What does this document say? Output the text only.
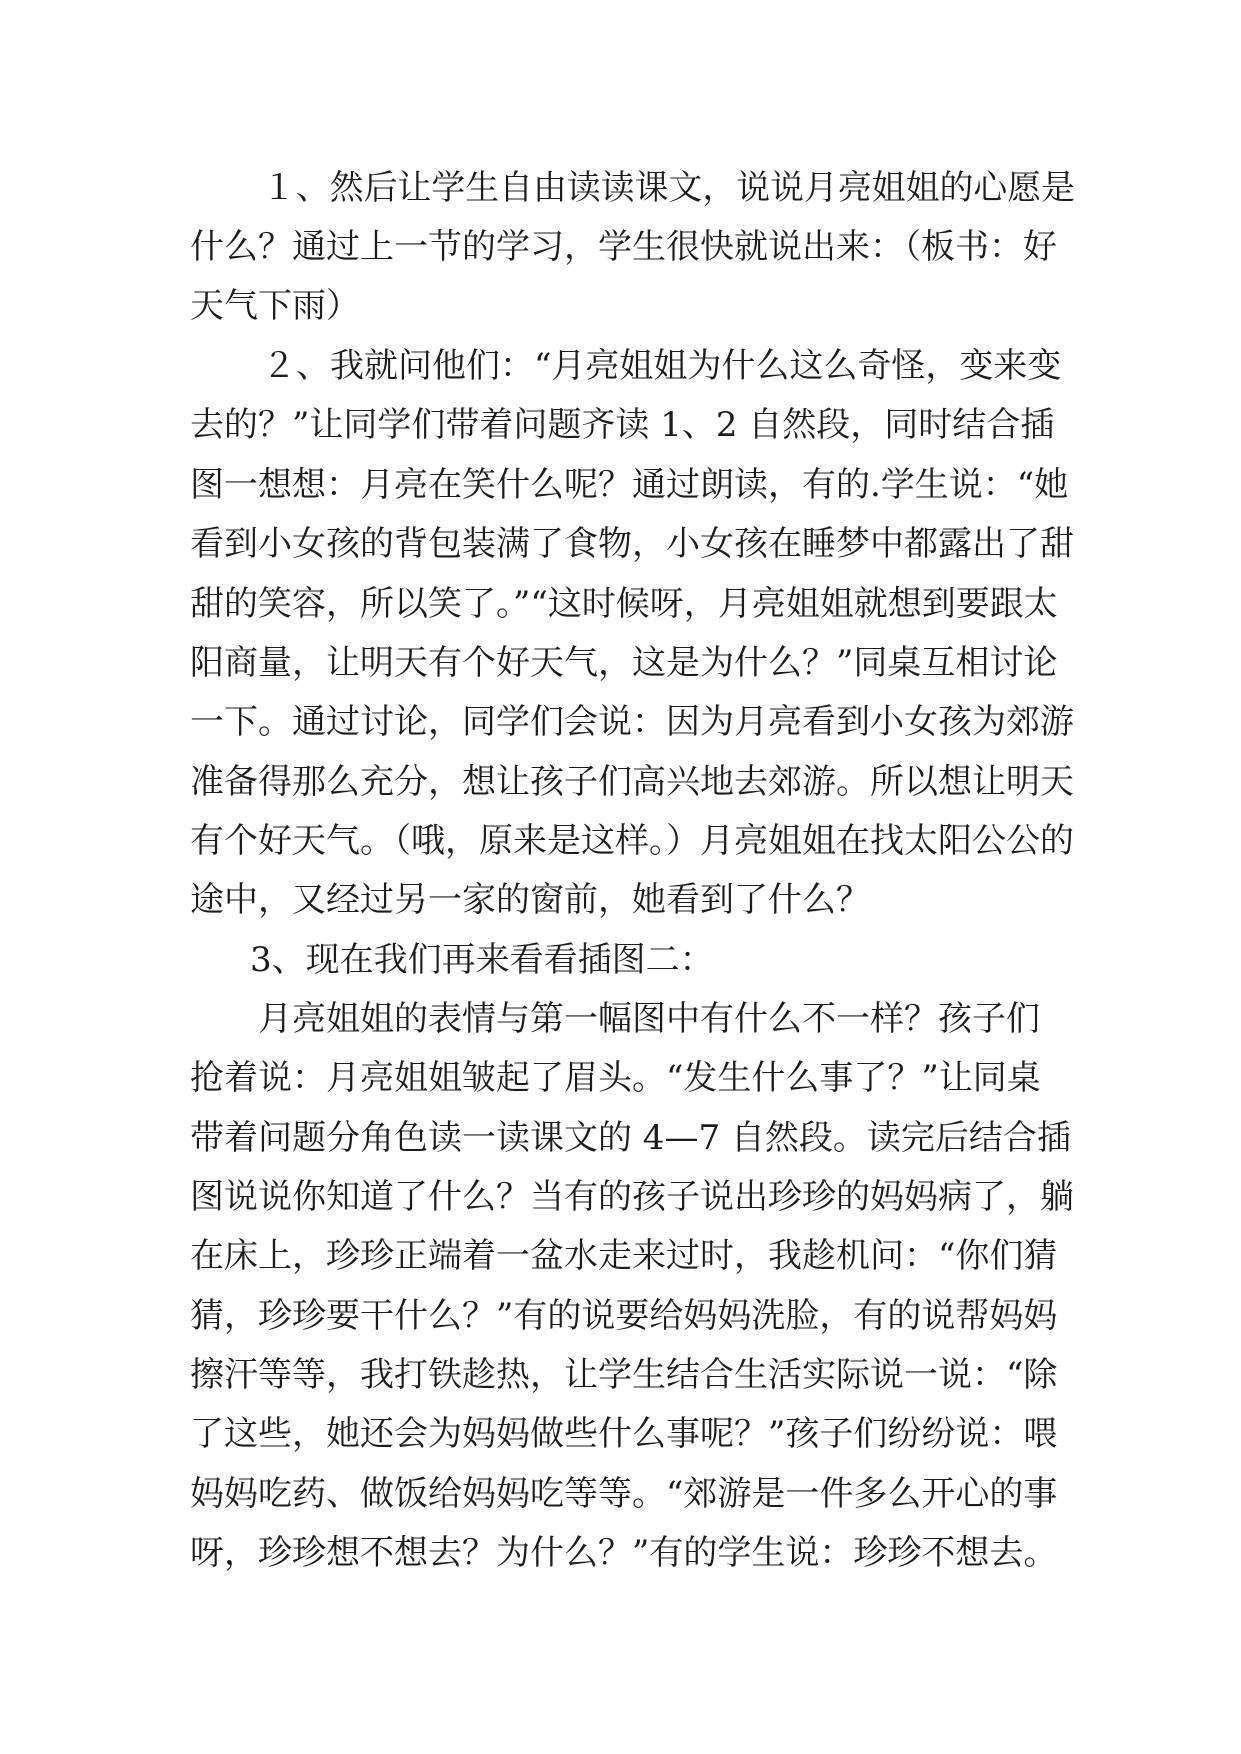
１、然后让学生自由读读课文，说说月亮姐姐的心愿是

什么？通过上一节的学习，学生很快就说出来：（板书：好

天气下雨）

２、我就问他们：“月亮姐姐为什么这么奇怪，变来变

去的？”让同学们带着问题齐读 1、2 自然段，同时结合插

图一想想：月亮在笑什么呢？通过朗读，有的.学生说：“她

看到小女孩的背包装满了食物，小女孩在睡梦中都露出了甜

甜的笑容，所以笑了。”“这时候呀，月亮姐姐就想到要跟太

阳商量，让明天有个好天气，这是为什么？”同桌互相讨论

一下。通过讨论，同学们会说：因为月亮看到小女孩为郊游

准备得那么充分，想让孩子们高兴地去郊游。所以想让明天

有个好天气。（哦，原来是这样。）月亮姐姐在找太阳公公的

途中，又经过另一家的窗前，她看到了什么？

3、现在我们再来看看插图二：

月亮姐姐的表情与第一幅图中有什么不一样？孩子们

抢着说：月亮姐姐皱起了眉头。“发生什么事了？”让同桌

带着问题分角色读一读课文的 4—7 自然段。读完后结合插

图说说你知道了什么？当有的孩子说出珍珍的妈妈病了，躺

在床上，珍珍正端着一盆水走来过时，我趁机问：“你们猜

猜，珍珍要干什么？”有的说要给妈妈洗脸，有的说帮妈妈

擦汗等等，我打铁趁热，让学生结合生活实际说一说：“除

了这些，她还会为妈妈做些什么事呢？”孩子们纷纷说：喂

妈妈吃药、做饭给妈妈吃等等。“郊游是一件多么开心的事

呀，珍珍想不想去？为什么？”有的学生说：珍珍不想去。
